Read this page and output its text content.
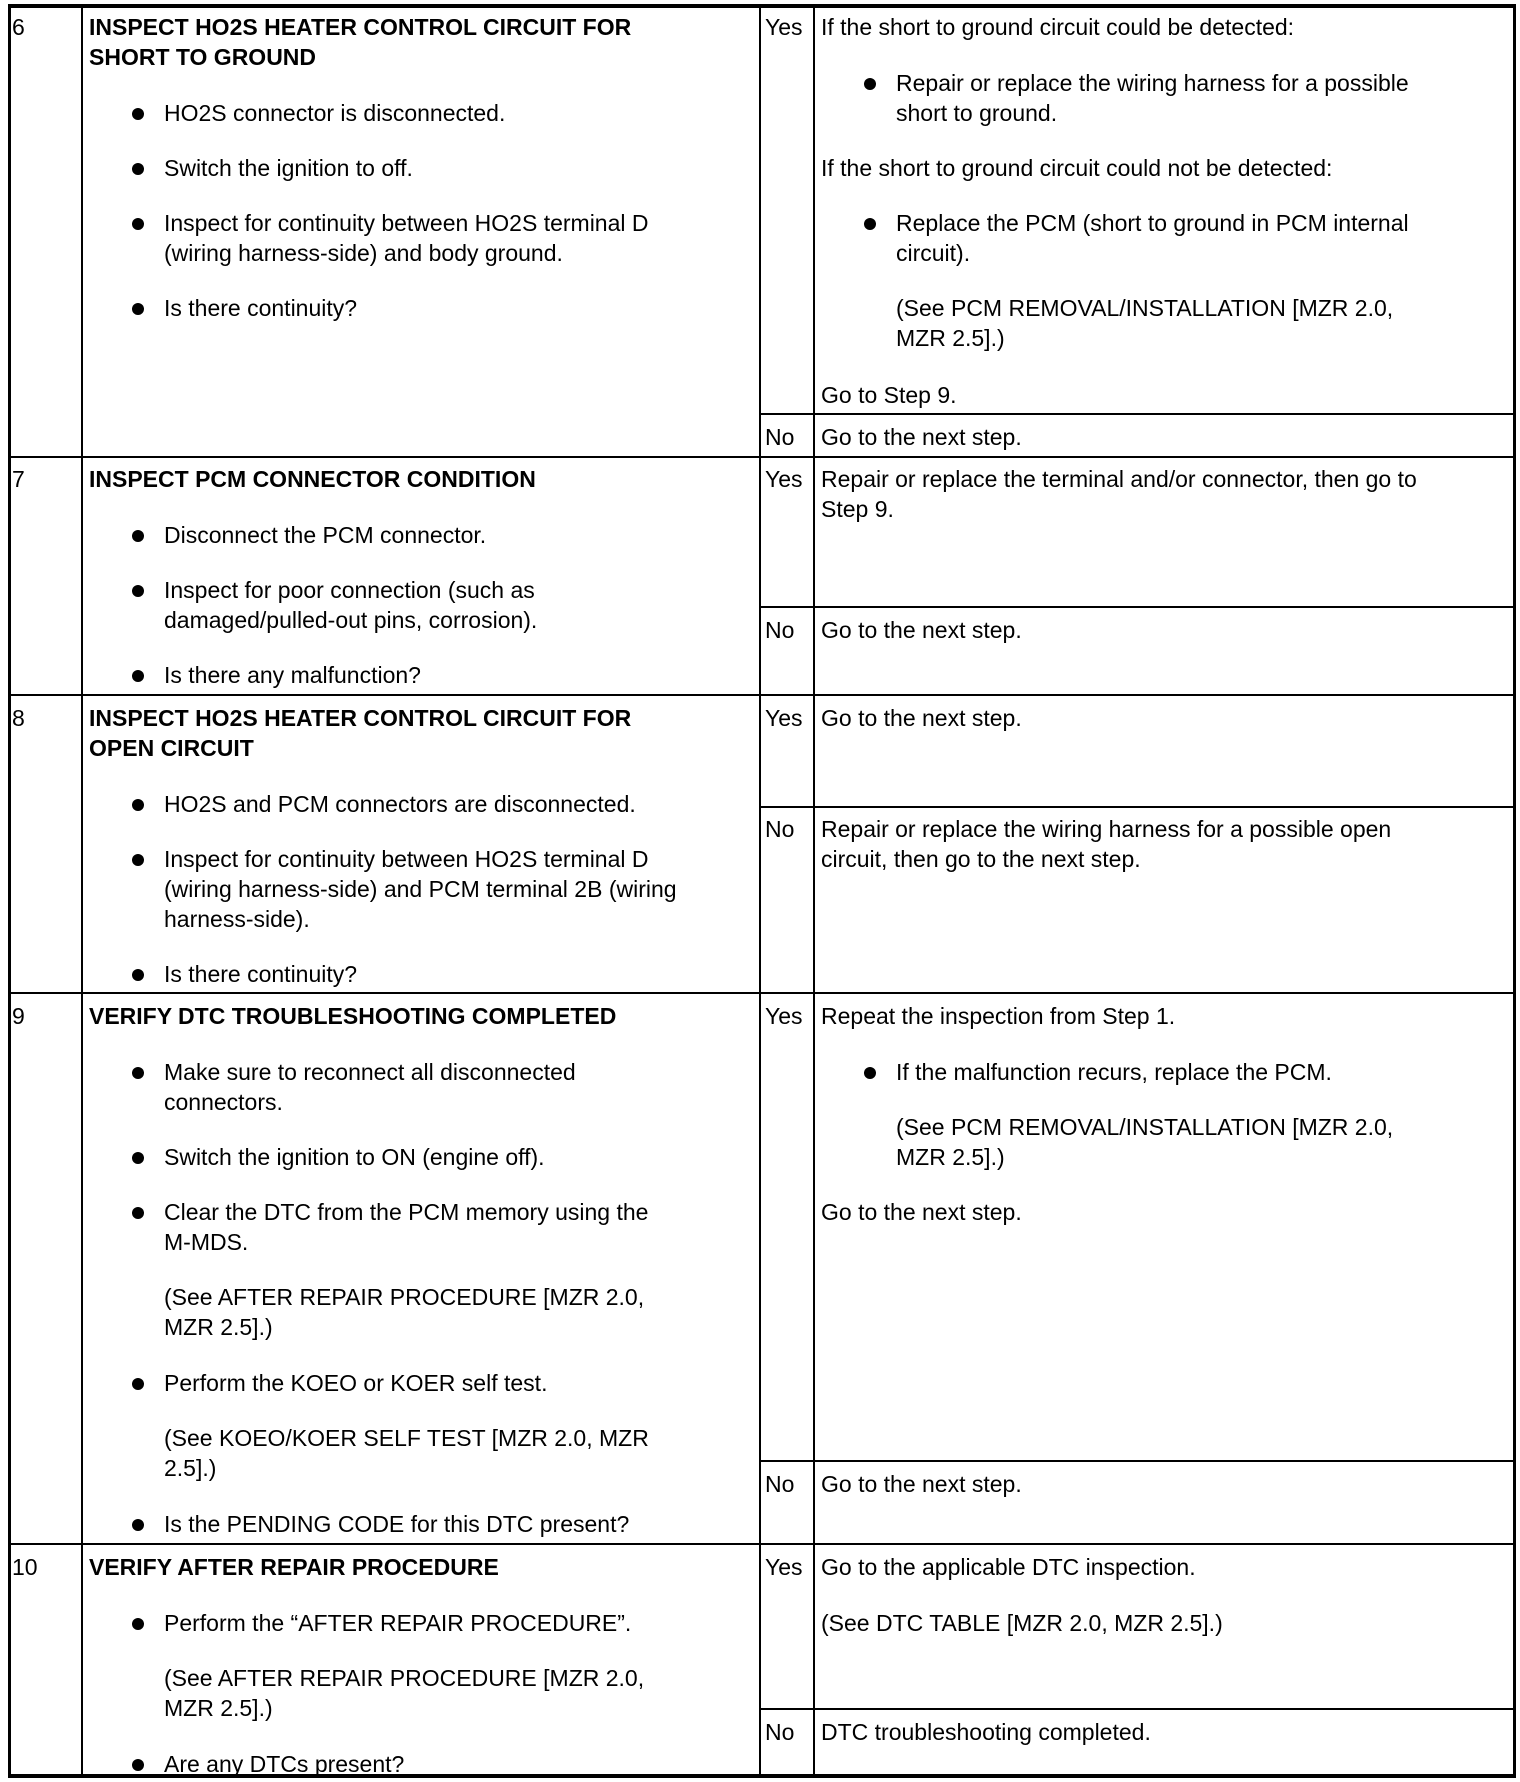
6	INSPECT HO2S HEATER CONTROL CIRCUIT FOR
SHORT TO GROUND
HO2S connector is disconnected.
Switch the ignition to off.
Inspect for continuity between HO2S terminal D
(wiring harness-side) and body ground.
Is there continuity?
Yes If the short to ground circuit could be detected:
Repair or replace the wiring harness for a possible
short to ground.
If the short to ground circuit could not be detected:
Replace the PCM (short to ground in PCM internal
circuit).
(See PCM REMOVAL/INSTALLATION [MZR 2.0,
MZR 2.5].)
Go to Step 9.
No Go to the next step.
7	INSPECT PCM CONNECTOR CONDITION
Disconnect the PCM connector.
Inspect for poor connection (such as
damaged/pulled-out pins, corrosion).
Is there any malfunction?
Yes Repair or replace the terminal and/or connector, then go to
Step 9.
No Go to the next step.
8	INSPECT HO2S HEATER CONTROL CIRCUIT FOR
OPEN CIRCUIT
HO2S and PCM connectors are disconnected.
Inspect for continuity between HO2S terminal D
(wiring harness-side) and PCM terminal 2B (wiring
harness-side).
Is there continuity?
Yes Go to the next step.
No Repair or replace the wiring harness for a possible open
circuit, then go to the next step.
9	VERIFY DTC TROUBLESHOOTING COMPLETED
Make sure to reconnect all disconnected
connectors.
Switch the ignition to ON (engine off).
Clear the DTC from the PCM memory using the
M-MDS.
(See AFTER REPAIR PROCEDURE [MZR 2.0,
MZR 2.5].)
Perform the KOEO or KOER self test.
(See KOEO/KOER SELF TEST [MZR 2.0, MZR
2.5].)
Is the PENDING CODE for this DTC present?
Yes Repeat the inspection from Step 1.
If the malfunction recurs, replace the PCM.
(See PCM REMOVAL/INSTALLATION [MZR 2.0,
MZR 2.5].)
Go to the next step.
No Go to the next step.
10 VERIFY AFTER REPAIR PROCEDURE
Perform the “AFTER REPAIR PROCEDURE”.
(See AFTER REPAIR PROCEDURE [MZR 2.0,
MZR 2.5].)
Are any DTCs present?
Yes Go to the applicable DTC inspection.
(See DTC TABLE [MZR 2.0, MZR 2.5].)
No DTC troubleshooting completed.
